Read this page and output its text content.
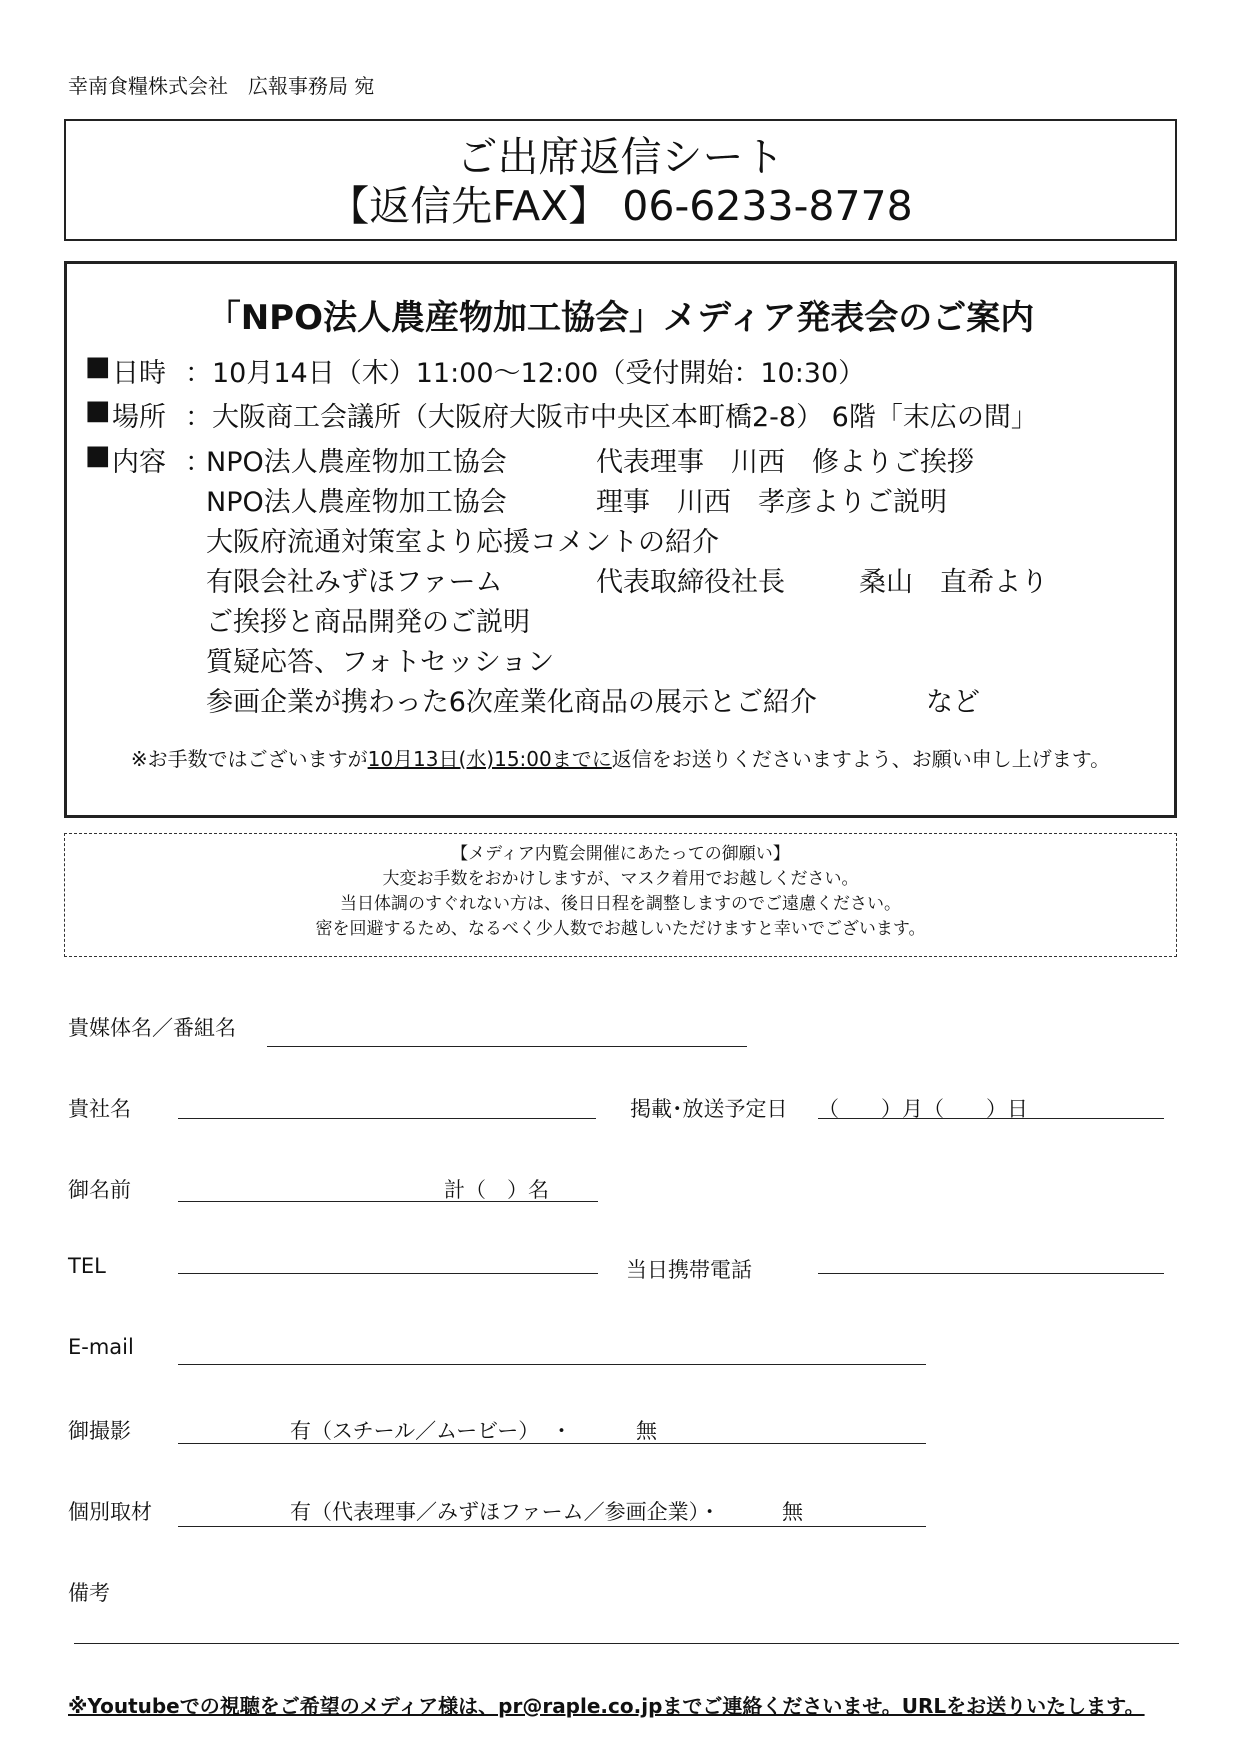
幸南食糧株式会社　広報事務局 宛
ご出席返信シート
【返信先FAX】 06-6233-8778
「NPO法人農産物加工協会」メディア発表会のご案内
■ 日時 ：10月14日（木）11:00～12:00（受付開始：10:30）
■ 場所 ：大阪商工会議所（大阪府大阪市中央区本町橋2-8） 6階「末広の間」
■ 内容 ：
NPO法人農産物加工協会	代表理事　川西　修よりご挨拶
NPO法人農産物加工協会	理事　川西　孝彦よりご説明
大阪府流通対策室より応援コメントの紹介
有限会社みずほファーム	代表取締役社長	桑山　直希より
ご挨拶と商品開発のご説明
質疑応答、フォトセッション
参画企業が携わった6次産業化商品の展示とご紹介	など
※お手数ではございますが10月13日(水)15:00までに返信をお送りくださいますよう、お願い申し上げます。
【メディア内覧会開催にあたっての御願い】
大変お手数をおかけしますが、マスク着用でお越しください。
当日体調のすぐれない方は、後日日程を調整しますのでご遠慮ください。
密を回避するため、なるべく少人数でお越しいただけますと幸いでございます。
貴媒体名／番組名
貴社名	掲載･放送予定日 （　　）月（　　）日
御名前	計（　）名
TEL	当日携帯電話
E-mail
御撮影	有（スチール／ムービー） ・	無
個別取材	有（代表理事／みずほファーム／参画企業）・	無
備考
※Youtubeでの視聴をご希望のメディア様は、pr@raple.co.jpまでご連絡くださいませ。URLをお送りいたします。
